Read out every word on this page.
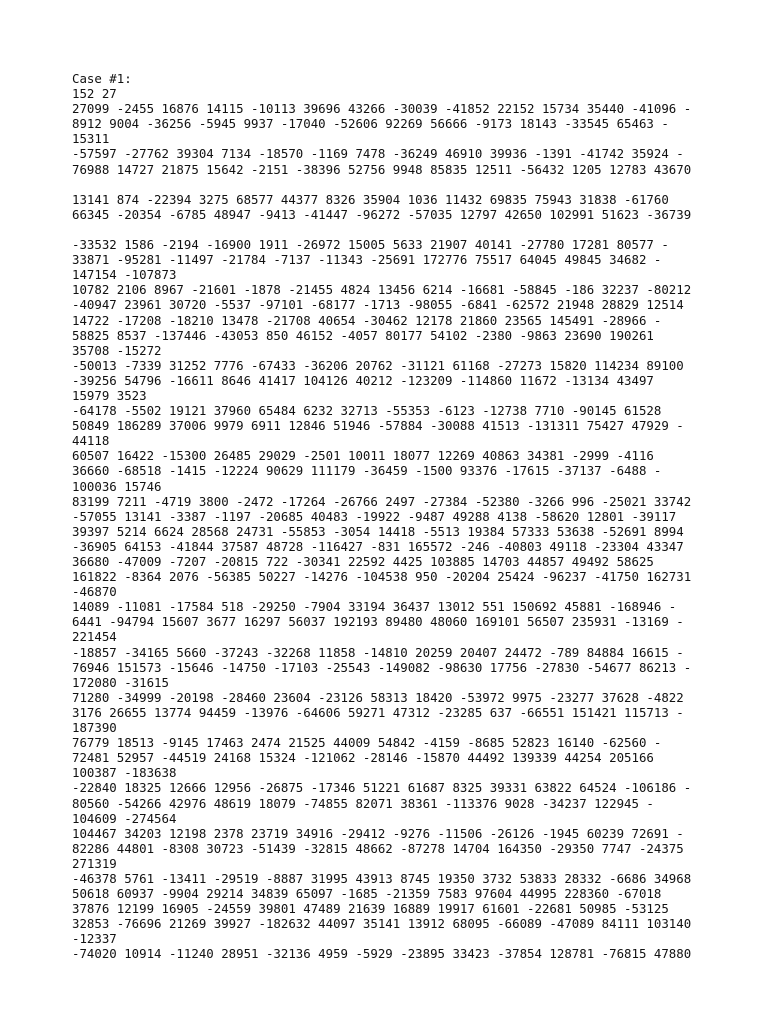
Case #1:
152 27
27099 -2455 16876 14115 -10113 39696 43266 -30039 -41852 22152 15734 35440 -41096 -
8912 9004 -36256 -5945 9937 -17040 -52606 92269 56666 -9173 18143 -33545 65463 -
15311
-57597 -27762 39304 7134 -18570 -1169 7478 -36249 46910 39936 -1391 -41742 35924 -
76988 14727 21875 15642 -2151 -38396 52756 9948 85835 12511 -56432 1205 12783 43670
13141 874 -22394 3275 68577 44377 8326 35904 1036 11432 69835 75943 31838 -61760
66345 -20354 -6785 48947 -9413 -41447 -96272 -57035 12797 42650 102991 51623 -36739
-33532 1586 -2194 -16900 1911 -26972 15005 5633 21907 40141 -27780 17281 80577 -
33871 -95281 -11497 -21784 -7137 -11343 -25691 172776 75517 64045 49845 34682 -
147154 -107873
10782 2106 8967 -21601 -1878 -21455 4824 13456 6214 -16681 -58845 -186 32237 -80212
-40947 23961 30720 -5537 -97101 -68177 -1713 -98055 -6841 -62572 21948 28829 12514
14722 -17208 -18210 13478 -21708 40654 -30462 12178 21860 23565 145491 -28966 -
58825 8537 -137446 -43053 850 46152 -4057 80177 54102 -2380 -9863 23690 190261
35708 -15272
-50013 -7339 31252 7776 -67433 -36206 20762 -31121 61168 -27273 15820 114234 89100
-39256 54796 -16611 8646 41417 104126 40212 -123209 -114860 11672 -13134 43497
15979 3523
-64178 -5502 19121 37960 65484 6232 32713 -55353 -6123 -12738 7710 -90145 61528
50849 186289 37006 9979 6911 12846 51946 -57884 -30088 41513 -131311 75427 47929 -
44118
60507 16422 -15300 26485 29029 -2501 10011 18077 12269 40863 34381 -2999 -4116
36660 -68518 -1415 -12224 90629 111179 -36459 -1500 93376 -17615 -37137 -6488 -
100036 15746
83199 7211 -4719 3800 -2472 -17264 -26766 2497 -27384 -52380 -3266 996 -25021 33742
-57055 13141 -3387 -1197 -20685 40483 -19922 -9487 49288 4138 -58620 12801 -39117
39397 5214 6624 28568 24731 -55853 -3054 14418 -5513 19384 57333 53638 -52691 8994
-36905 64153 -41844 37587 48728 -116427 -831 165572 -246 -40803 49118 -23304 43347
36680 -47009 -7207 -20815 722 -30341 22592 4425 103885 14703 44857 49492 58625
161822 -8364 2076 -56385 50227 -14276 -104538 950 -20204 25424 -96237 -41750 162731
-46870
14089 -11081 -17584 518 -29250 -7904 33194 36437 13012 551 150692 45881 -168946 -
6441 -94794 15607 3677 16297 56037 192193 89480 48060 169101 56507 235931 -13169 -
221454
-18857 -34165 5660 -37243 -32268 11858 -14810 20259 20407 24472 -789 84884 16615 -
76946 151573 -15646 -14750 -17103 -25543 -149082 -98630 17756 -27830 -54677 86213 -
172080 -31615
71280 -34999 -20198 -28460 23604 -23126 58313 18420 -53972 9975 -23277 37628 -4822
3176 26655 13774 94459 -13976 -64606 59271 47312 -23285 637 -66551 151421 115713 -
187390
76779 18513 -9145 17463 2474 21525 44009 54842 -4159 -8685 52823 16140 -62560 -
72481 52957 -44519 24168 15324 -121062 -28146 -15870 44492 139339 44254 205166
100387 -183638
-22840 18325 12666 12956 -26875 -17346 51221 61687 8325 39331 63822 64524 -106186 -
80560 -54266 42976 48619 18079 -74855 82071 38361 -113376 9028 -34237 122945 -
104609 -274564
104467 34203 12198 2378 23719 34916 -29412 -9276 -11506 -26126 -1945 60239 72691 -
82286 44801 -8308 30723 -51439 -32815 48662 -87278 14704 164350 -29350 7747 -24375
271319
-46378 5761 -13411 -29519 -8887 31995 43913 8745 19350 3732 53833 28332 -6686 34968
50618 60937 -9904 29214 34839 65097 -1685 -21359 7583 97604 44995 228360 -67018
37876 12199 16905 -24559 39801 47489 21639 16889 19917 61601 -22681 50985 -53125
32853 -76696 21269 39927 -182632 44097 35141 13912 68095 -66089 -47089 84111 103140
-12337
-74020 10914 -11240 28951 -32136 4959 -5929 -23895 33423 -37854 128781 -76815 47880
